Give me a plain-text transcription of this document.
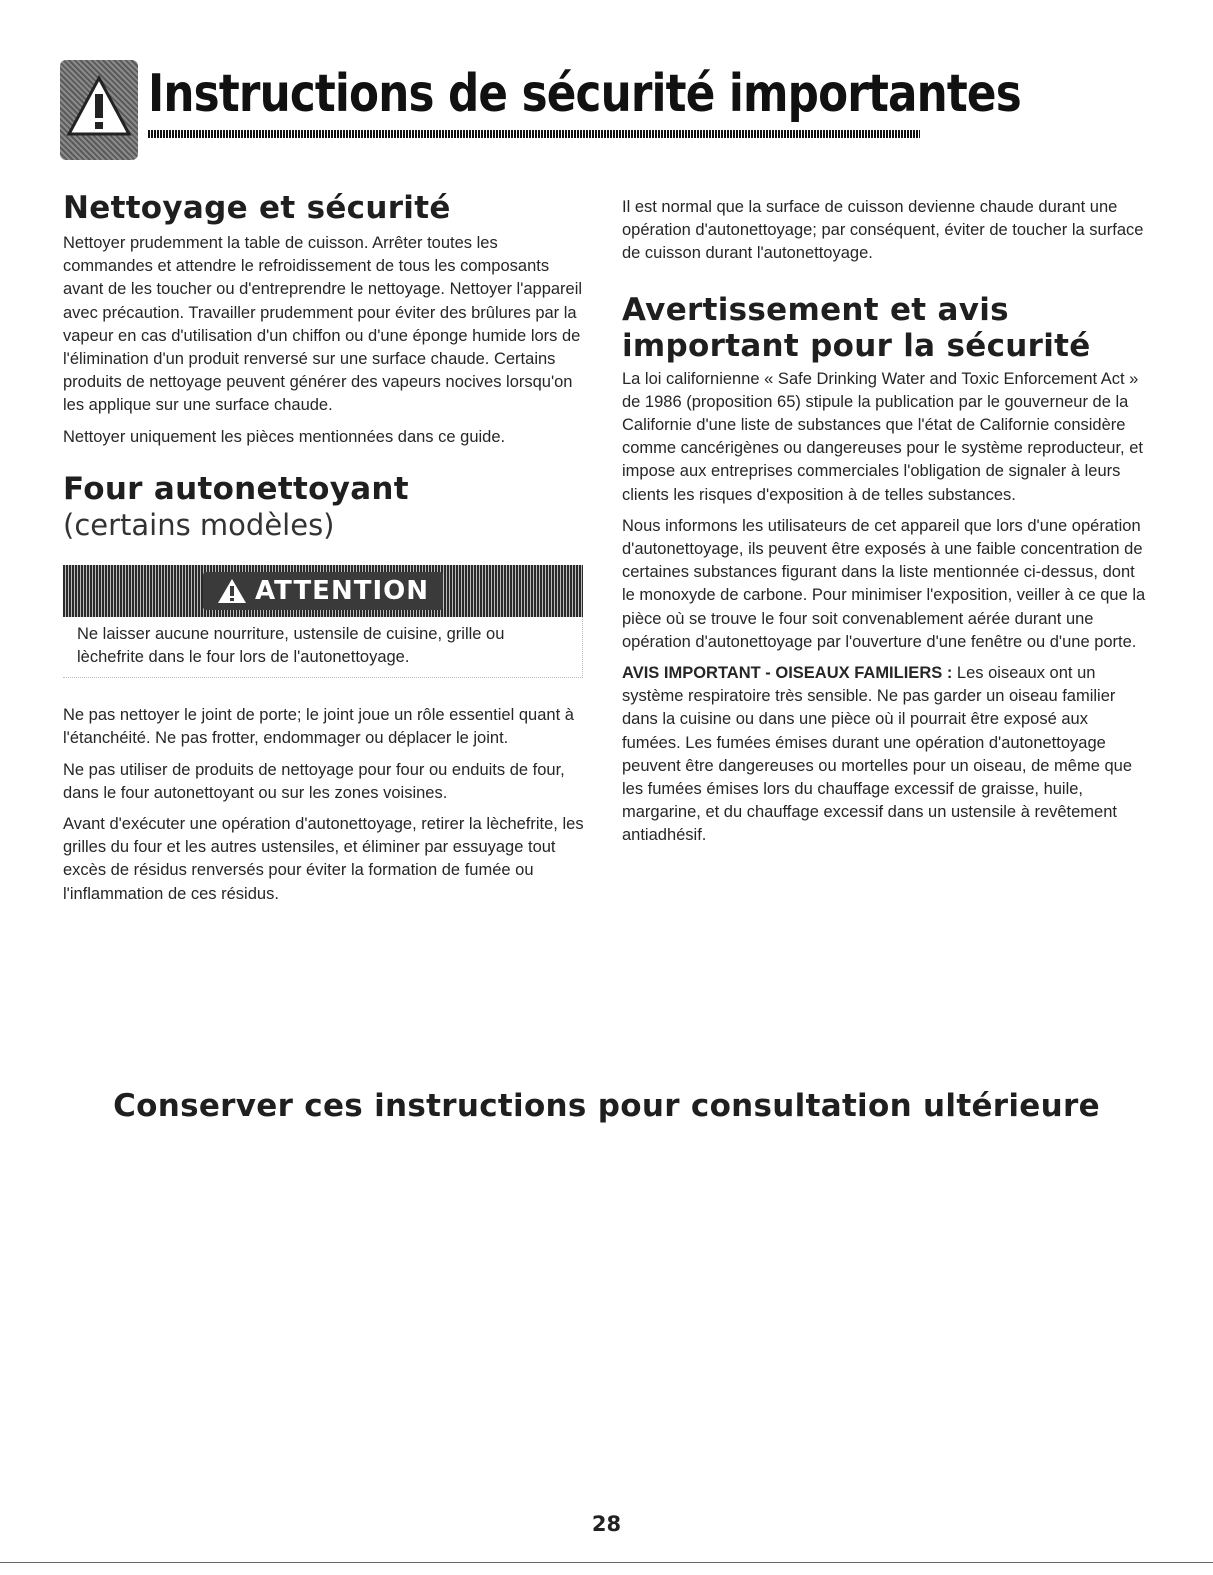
Instructions de sécurité importantes
Nettoyage et sécurité

Nettoyer prudemment la table de cuisson. Arrêter toutes les commandes et attendre le refroidissement de tous les composants avant de les toucher ou d'entreprendre le nettoyage. Nettoyer l'appareil avec précaution. Travailler prudemment pour éviter des brûlures par la vapeur en cas d'utilisation d'un chiffon ou d'une éponge humide lors de l'élimination d'un produit renversé sur une surface chaude. Certains produits de nettoyage peuvent générer des vapeurs nocives lorsqu'on les applique sur une surface chaude.

Nettoyer uniquement les pièces mentionnées dans ce guide.

Four autonettoyant

(certains modèles)

ATTENTION

Ne laisser aucune nourriture, ustensile de cuisine, grille ou lèchefrite dans le four lors de l'autonettoyage.

Ne pas nettoyer le joint de porte; le joint joue un rôle essentiel quant à l'étanchéité. Ne pas frotter, endommager ou déplacer le joint.

Ne pas utiliser de produits de nettoyage pour four ou enduits de four, dans le four autonettoyant ou sur les zones voisines.

Avant d'exécuter une opération d'autonettoyage, retirer la lèchefrite, les grilles du four et les autres ustensiles, et éliminer par essuyage tout excès de résidus renversés pour éviter la formation de fumée ou l'inflammation de ces résidus.

Il est normal que la surface de cuisson devienne chaude durant une opération d'autonettoyage; par conséquent, éviter de toucher la surface de cuisson durant l'autonettoyage.

Avertissement et avis
important pour la sécurité

La loi californienne « Safe Drinking Water and Toxic Enforcement Act » de 1986 (proposition 65) stipule la publication par le gouverneur de la Californie d'une liste de substances que l'état de Californie considère comme cancérigènes ou dangereuses pour le système reproducteur, et impose aux entreprises commerciales l'obligation de signaler à leurs clients les risques d'exposition à de telles substances.

Nous informons les utilisateurs de cet appareil que lors d'une opération d'autonettoyage, ils peuvent être exposés à une faible concentration de certaines substances figurant dans la liste mentionnée ci-dessus, dont le monoxyde de carbone. Pour minimiser l'exposition, veiller à ce que la pièce où se trouve le four soit convenablement aérée durant une opération d'autonettoyage par l'ouverture d'une fenêtre ou d'une porte.

AVIS IMPORTANT - OISEAUX FAMILIERS : Les oiseaux ont un système respiratoire très sensible. Ne pas garder un oiseau familier dans la cuisine ou dans une pièce où il pourrait être exposé aux fumées. Les fumées émises durant une opération d'autonettoyage peuvent être dangereuses ou mortelles pour un oiseau, de même que les fumées émises lors du chauffage excessif de graisse, huile, margarine, et du chauffage excessif dans un ustensile à revêtement antiadhésif.

Conserver ces instructions pour consultation ultérieure

28
